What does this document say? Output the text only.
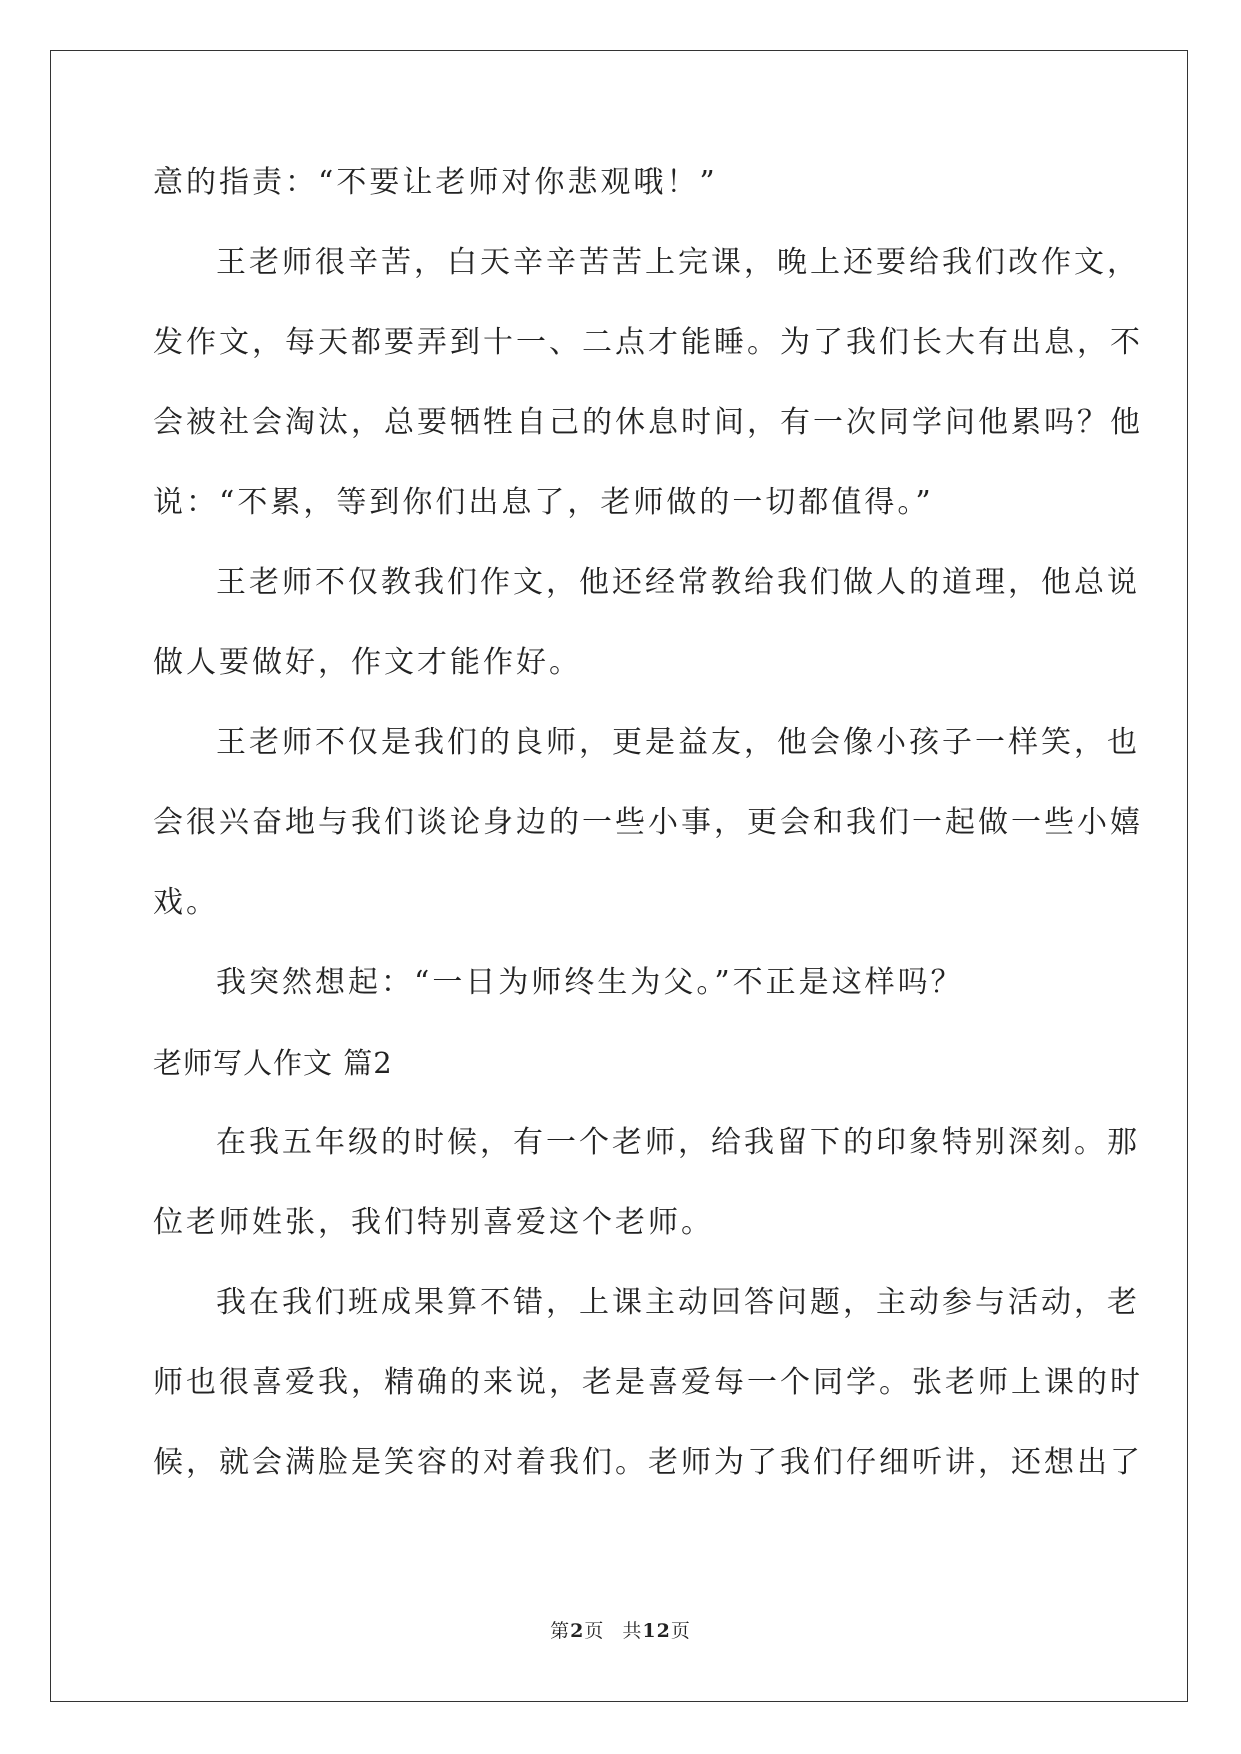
意的指责：“不要让老师对你悲观哦！”
王老师很辛苦，白天辛辛苦苦上完课，晚上还要给我们改作文，
发作文，每天都要弄到十一、二点才能睡。为了我们长大有出息，不
会被社会淘汰，总要牺牲自己的休息时间，有一次同学问他累吗？他
说：“不累，等到你们出息了，老师做的一切都值得。”
王老师不仅教我们作文，他还经常教给我们做人的道理，他总说
做人要做好，作文才能作好。
王老师不仅是我们的良师，更是益友，他会像小孩子一样笑，也
会很兴奋地与我们谈论身边的一些小事，更会和我们一起做一些小嬉
戏。
我突然想起：“一日为师终生为父。”不正是这样吗？
老师写人作文 篇2
在我五年级的时候，有一个老师，给我留下的印象特别深刻。那
位老师姓张，我们特别喜爱这个老师。
我在我们班成果算不错，上课主动回答问题，主动参与活动，老
师也很喜爱我，精确的来说，老是喜爱每一个同学。张老师上课的时
候，就会满脸是笑容的对着我们。老师为了我们仔细听讲，还想出了
第2页 共12页
